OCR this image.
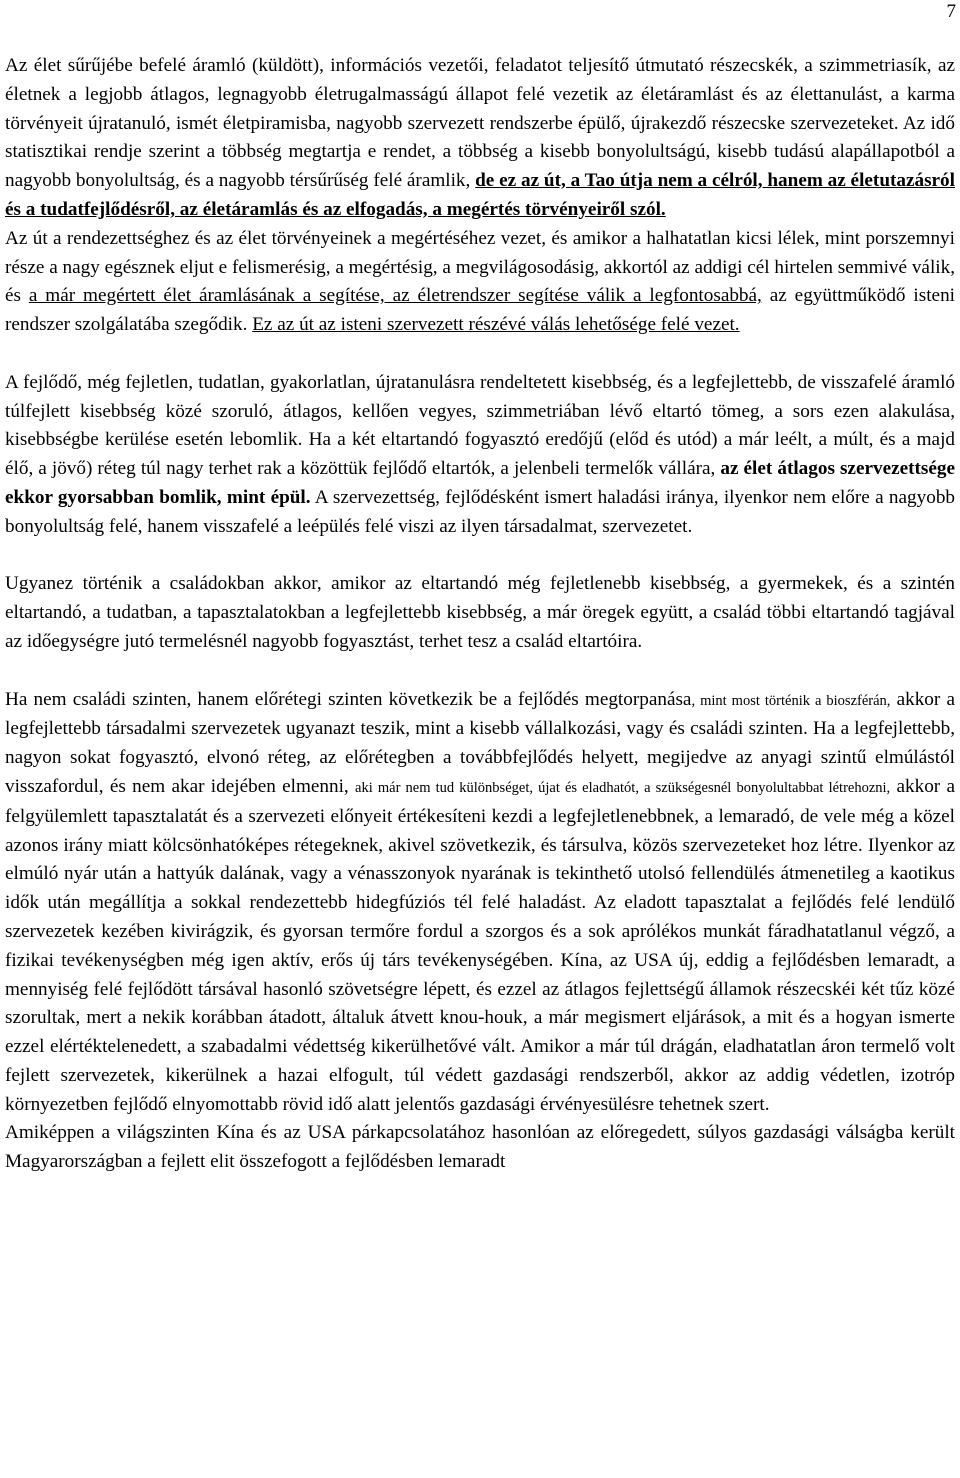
7

Az élet sűrűjébe befelé áramló (küldött), információs vezetői, feladatot teljesítő útmutató részecskék, a szimmetriasík, az életnek a legjobb átlagos, legnagyobb életrugalmasságú állapot felé vezetik az életáramlást és az élettanulást, a karma törvényeit újratanuló, ismét életpiramisba, nagyobb szervezett rendszerbe épülő, újrakezdő részecske szervezeteket. Az idő statisztikai rendje szerint a többség megtartja e rendet, a többség a kisebb bonyolultságú, kisebb tudású alapállapotból a nagyobb bonyolultság, és a nagyobb térsűrűség felé áramlik, de ez az út, a Tao útja nem a célról, hanem az életutazásról és a tudatfejlődésről, az életáramlás és az elfogadás, a megértés törvényeiről szól.

Az út a rendezettséghez és az élet törvényeinek a megértéséhez vezet, és amikor a halhatatlan kicsi lélek, mint porszemnyi része a nagy egésznek eljut e felismerésig, a megértésig, a megvilágosodásig, akkortól az addigi cél hirtelen semmivé válik, és a már megértett élet áramlásának a segítése, az életrendszer segítése válik a legfontosabbá, az együttműködő isteni rendszer szolgálatába szegődik. Ez az út az isteni szervezett részévé válás lehetősége felé vezet.

A fejlődő, még fejletlen, tudatlan, gyakorlatlan, újratanulásra rendeltetett kisebbség, és a legfejlettebb, de visszafelé áramló túlfejlett kisebbség közé szoruló, átlagos, kellően vegyes, szimmetriában lévő eltartó tömeg, a sors ezen alakulása, kisebbségbe kerülése esetén lebomlik. Ha a két eltartandó fogyasztó eredőjű (előd és utód) a már leélt, a múlt, és a majd élő, a jövő) réteg túl nagy terhet rak a közöttük fejlődő eltartók, a jelenbeli termelők vállára, az élet átlagos szervezettsége ekkor gyorsabban bomlik, mint épül. A szervezettség, fejlődésként ismert haladási iránya, ilyenkor nem előre a nagyobb bonyolultság felé, hanem visszafelé a leépülés felé viszi az ilyen társadalmat, szervezetet.

Ugyanez történik a családokban akkor, amikor az eltartandó még fejletlenebb kisebbség, a gyermekek, és a szintén eltartandó, a tudatban, a tapasztalatokban a legfejlettebb kisebbség, a már öregek együtt, a család többi eltartandó tagjával az időegységre jutó termelésnél nagyobb fogyasztást, terhet tesz a család eltartóira.

Ha nem családi szinten, hanem előrétegi szinten következik be a fejlődés megtorpanása, mint most történik a bioszférán, akkor a legfejlettebb társadalmi szervezetek ugyanazt teszik, mint a kisebb vállalkozási, vagy és családi szinten. Ha a legfejlettebb, nagyon sokat fogyasztó, elvonó réteg, az előrétegben a továbbfejlődés helyett, megijedve az anyagi szintű elmúlástól visszafordul, és nem akar idejében elmenni, aki már nem tud különbséget, újat és eladhatót, a szükségesnél bonyolultabbat létrehozni, akkor a felgyülemlett tapasztalatát és a szervezeti előnyeit értékesíteni kezdi a legfejletlenebbnek, a lemaradó, de vele még a közel azonos irány miatt kölcsönhatóképes rétegeknek, akivel szövetkezik, és társulva, közös szervezeteket hoz létre. Ilyenkor az elmúló nyár után a hattyúk dalának, vagy a vénasszonyok nyarának is tekinthető utolsó fellendülés átmenetileg a kaotikus idők után megállítja a sokkal rendezettebb hidegfúziós tél felé haladást. Az eladott tapasztalat a fejlődés felé lendülő szervezetek kezében kivirágzik, és gyorsan termőre fordul a szorgos és a sok aprólékos munkát fáradhatatlanul végző, a fizikai tevékenységben még igen aktív, erős új társ tevékenységében. Kína, az USA új, eddig a fejlődésben lemaradt, a mennyiség felé fejlődött társával hasonló szövetségre lépett, és ezzel az átlagos fejlettségű államok részecskéi két tűz közé szorultak, mert a nekik korábban átadott, általuk átvett knou-houk, a már megismert eljárások, a mit és a hogyan ismerte ezzel elértéktelenedett, a szabadalmi védettség kikerülhetővé vált. Amikor a már túl drágán, eladhatatlan áron termelő volt fejlett szervezetek, kikerülnek a hazai elfogult, túl védett gazdasági rendszerből, akkor az addig védetlen, izotróp környezetben fejlődő elnyomottabb rövid idő alatt jelentős gazdasági érvényesülésre tehetnek szert.

Amiképpen a világszinten Kína és az USA párkapcsolatához hasonlóan az előregedett, súlyos gazdasági válságba került Magyarországban a fejlett elit összefogott a fejlődésben lemaradt
